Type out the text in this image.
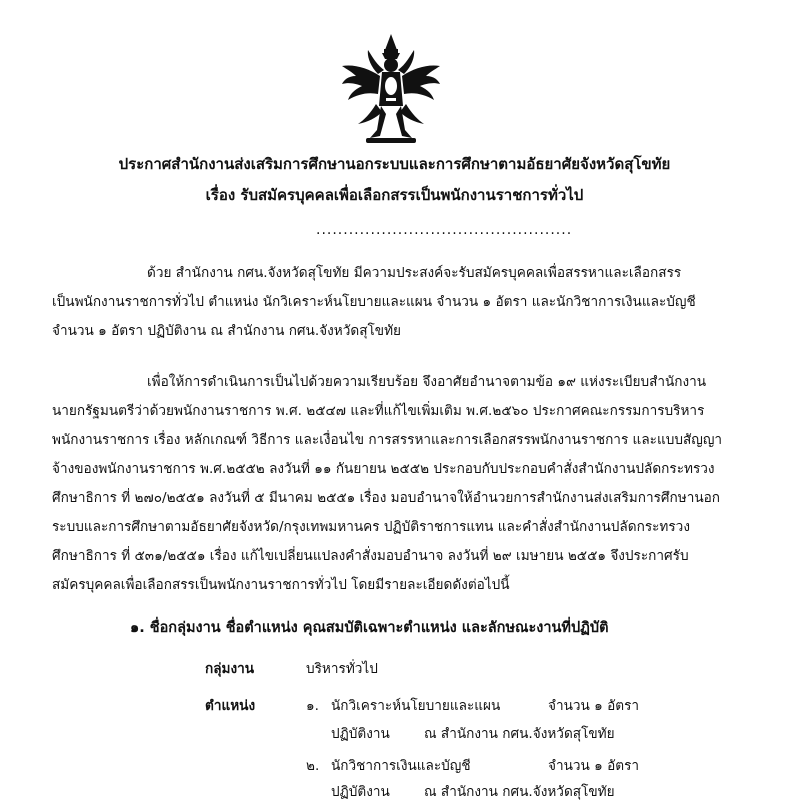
ประกาศสำนักงานส่งเสริมการศึกษานอกระบบและการศึกษาตามอัธยาศัยจังหวัดสุโขทัย
เรื่อง รับสมัครบุคคลเพื่อเลือกสรรเป็นพนักงานราชการทั่วไป
...............................................
ด้วย สำนักงาน กศน.จังหวัดสุโขทัย มีความประสงค์จะรับสมัครบุคคลเพื่อสรรหาและเลือกสรร
เป็นพนักงานราชการทั่วไป ตำแหน่ง นักวิเคราะห์นโยบายและแผน จำนวน ๑ อัตรา และนักวิชาการเงินและบัญชี
จำนวน ๑ อัตรา ปฏิบัติงาน ณ สำนักงาน กศน.จังหวัดสุโขทัย
เพื่อให้การดำเนินการเป็นไปด้วยความเรียบร้อย จึงอาศัยอำนาจตามข้อ ๑๙ แห่งระเบียบสำนักงาน
นายกรัฐมนตรีว่าด้วยพนักงานราชการ พ.ศ. ๒๕๔๗ และที่แก้ไขเพิ่มเติม พ.ศ.๒๕๖๐ ประกาศคณะกรรมการบริหาร
พนักงานราชการ เรื่อง หลักเกณฑ์ วิธีการ และเงื่อนไข การสรรหาและการเลือกสรรพนักงานราชการ และแบบสัญญา
จ้างของพนักงานราชการ พ.ศ.๒๕๕๒ ลงวันที่ ๑๑ กันยายน ๒๕๕๒ ประกอบกับประกอบคำสั่งสำนักงานปลัดกระทรวง
ศึกษาธิการ ที่ ๒๗๐/๒๕๕๑ ลงวันที่ ๕ มีนาคม ๒๕๕๑ เรื่อง มอบอำนาจให้อำนวยการสำนักงานส่งเสริมการศึกษานอก
ระบบและการศึกษาตามอัธยาศัยจังหวัด/กรุงเทพมหานคร ปฏิบัติราชการแทน และคำสั่งสำนักงานปลัดกระทรวง
ศึกษาธิการ ที่ ๕๓๑/๒๕๕๑ เรื่อง แก้ไขเปลี่ยนแปลงคำสั่งมอบอำนาจ ลงวันที่ ๒๙ เมษายน ๒๕๕๑ จึงประกาศรับ
สมัครบุคคลเพื่อเลือกสรรเป็นพนักงานราชการทั่วไป โดยมีรายละเอียดดังต่อไปนี้
๑. ชื่อกลุ่มงาน ชื่อตำแหน่ง คุณสมบัติเฉพาะตำแหน่ง และลักษณะงานที่ปฏิบัติ
กลุ่มงาน	บริหารทั่วไป
ตำแหน่ง	๑. นักวิเคราะห์นโยบายและแผน	จำนวน ๑ อัตรา
ปฏิบัติงาน	ณ สำนักงาน กศน.จังหวัดสุโขทัย
๒. นักวิชาการเงินและบัญชี	จำนวน ๑ อัตรา
ปฏิบัติงาน	ณ สำนักงาน กศน.จังหวัดสุโขทัย
